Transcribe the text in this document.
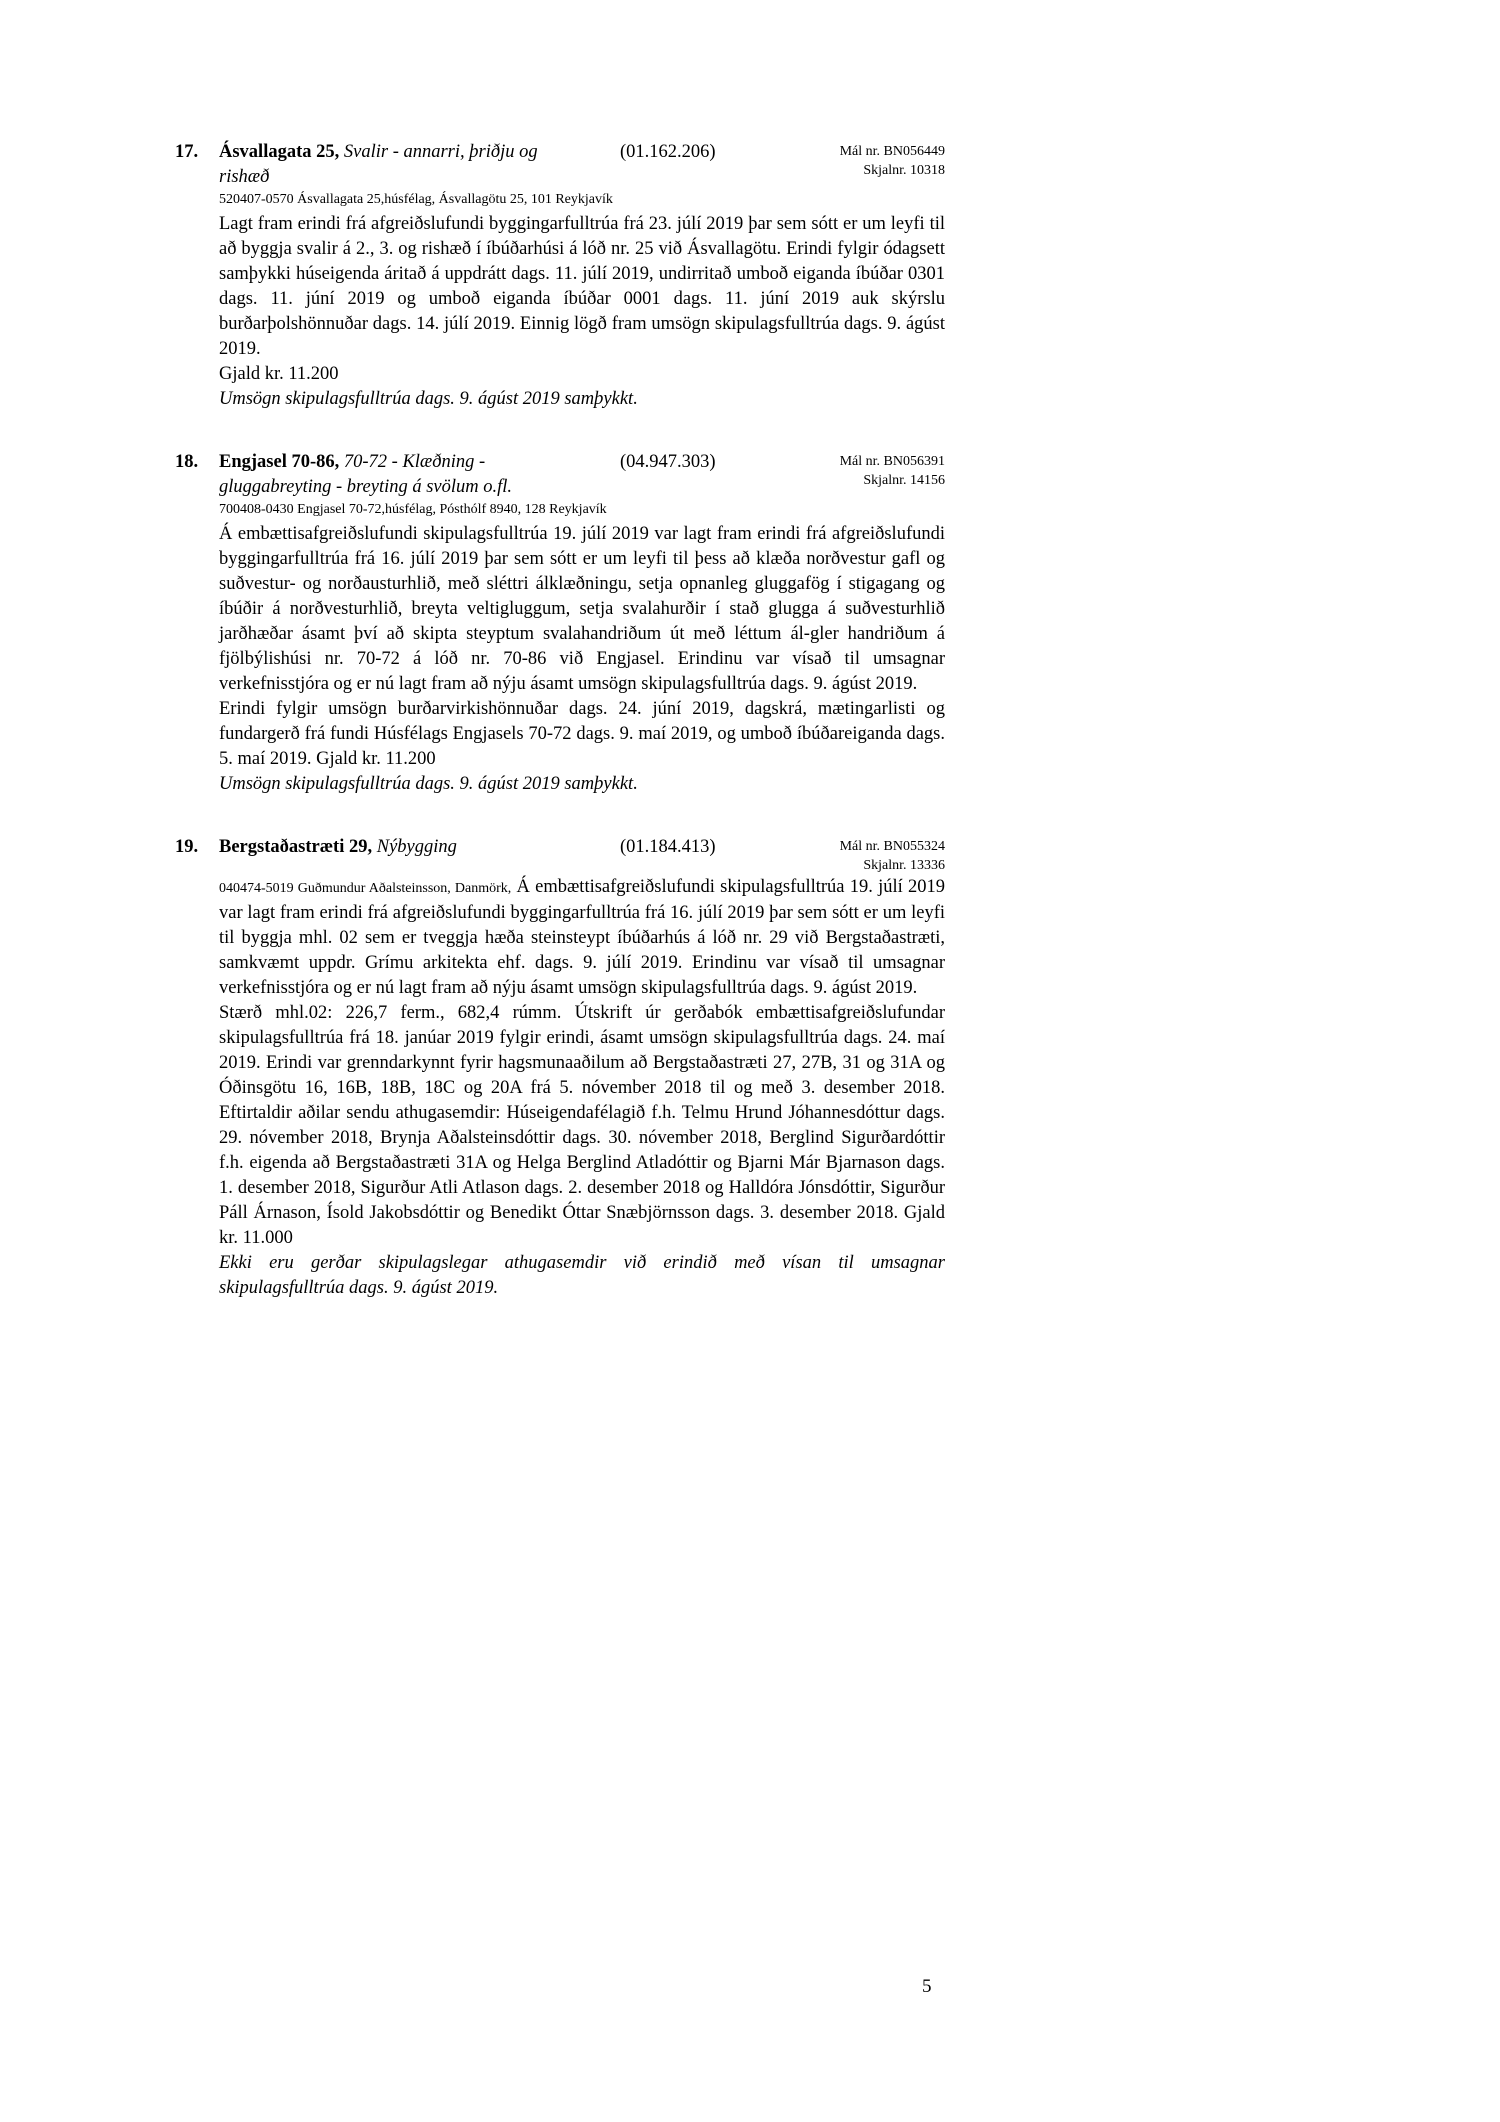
17.	Ásvallagata 25, Svalir - annarri, þriðju og rishæð
(01.162.206)	Mál nr. BN056449
Skjalnr. 10318
520407-0570 Ásvallagata 25,húsfélag, Ásvallagötu 25, 101 Reykjavík

Lagt fram erindi frá afgreiðslufundi byggingarfulltrúa frá 23. júlí 2019 þar sem sótt er um leyfi til að byggja svalir á 2., 3. og rishæð í íbúðarhúsi á lóð nr. 25 við Ásvallagötu. Erindi fylgir ódagsett samþykki húseigenda áritað á uppdrátt dags. 11. júlí 2019, undirritað umboð eiganda íbúðar 0301 dags. 11. júní 2019 og umboð eiganda íbúðar 0001 dags. 11. júní 2019 auk skýrslu burðarþolshönnuðar dags. 14. júlí 2019. Einnig lögð fram umsögn skipulagsfulltrúa dags. 9. ágúst 2019.

Gjald kr. 11.200

Umsögn skipulagsfulltrúa dags. 9. ágúst 2019 samþykkt.

18.	Engjasel 70-86, 70-72 - Klæðning - gluggabreyting - breyting á svölum o.fl.
(04.947.303)	Mál nr. BN056391
Skjalnr. 14156
700408-0430 Engjasel 70-72,húsfélag, Pósthólf 8940, 128 Reykjavík

Á embættisafgreiðslufundi skipulagsfulltrúa 19. júlí 2019 var lagt fram erindi frá afgreiðslufundi byggingarfulltrúa frá 16. júlí 2019 þar sem sótt er um leyfi til þess að klæða norðvestur gafl og suðvestur- og norðausturhlið, með sléttri álklæðningu, setja opnanleg gluggafög í stigagang og íbúðir á norðvesturhlið, breyta veltigluggum, setja svalahurðir í stað glugga á suðvesturhlið jarðhæðar ásamt því að skipta steyptum svalahandriðum út með léttum ál-gler handriðum á fjölbýlishúsi nr. 70-72 á lóð nr. 70-86 við Engjasel. Erindinu var vísað til umsagnar verkefnisstjóra og er nú lagt fram að nýju ásamt umsögn skipulagsfulltrúa dags. 9. ágúst 2019.

Erindi fylgir umsögn burðarvirkishönnuðar dags. 24. júní 2019, dagskrá, mætingarlisti og fundargerð frá fundi Húsfélags Engjasels 70-72 dags. 9. maí 2019, og umboð íbúðareiganda dags. 5. maí 2019. Gjald kr. 11.200

Umsögn skipulagsfulltrúa dags. 9. ágúst 2019 samþykkt.

19.	Bergstaðastræti 29, Nýbygging	(01.184.413)	Mál nr. BN055324
Skjalnr. 13336

040474-5019 Guðmundur Aðalsteinsson, Danmörk, Á embættisafgreiðslufundi skipulagsfulltrúa 19. júlí 2019 var lagt fram erindi frá afgreiðslufundi byggingarfulltrúa frá 16. júlí 2019 þar sem sótt er um leyfi til byggja mhl. 02 sem er tveggja hæða steinsteypt íbúðarhús á lóð nr. 29 við Bergstaðastræti, samkvæmt uppdr. Grímu arkitekta ehf. dags. 9. júlí 2019. Erindinu var vísað til umsagnar verkefnisstjóra og er nú lagt fram að nýju ásamt umsögn skipulagsfulltrúa dags. 9. ágúst 2019.

Stærð mhl.02: 226,7 ferm., 682,4 rúmm. Útskrift úr gerðabók embættisafgreiðslufundar skipulagsfulltrúa frá 18. janúar 2019 fylgir erindi, ásamt umsögn skipulagsfulltrúa dags. 24. maí 2019. Erindi var grenndarkynnt fyrir hagsmunaaðilum að Bergstaðastræti 27, 27B, 31 og 31A og Óðinsgötu 16, 16B, 18B, 18C og 20A frá 5. nóvember 2018 til og með 3. desember 2018. Eftirtaldir aðilar sendu athugasemdir: Húseigendafélagið f.h. Telmu Hrund Jóhannesdóttur dags. 29. nóvember 2018, Brynja Aðalsteinsdóttir dags. 30. nóvember 2018, Berglind Sigurðardóttir f.h. eigenda að Bergstaðastræti 31A og Helga Berglind Atladóttir og Bjarni Már Bjarnason dags. 1. desember 2018, Sigurður Atli Atlason dags. 2. desember 2018 og Halldóra Jónsdóttir, Sigurður Páll Árnason, Ísold Jakobsdóttir og Benedikt Óttar Snæbjörnsson dags. 3. desember 2018. Gjald kr. 11.000

Ekki eru gerðar skipulagslegar athugasemdir við erindið með vísan til umsagnar skipulagsfulltrúa dags. 9. ágúst 2019.

5
